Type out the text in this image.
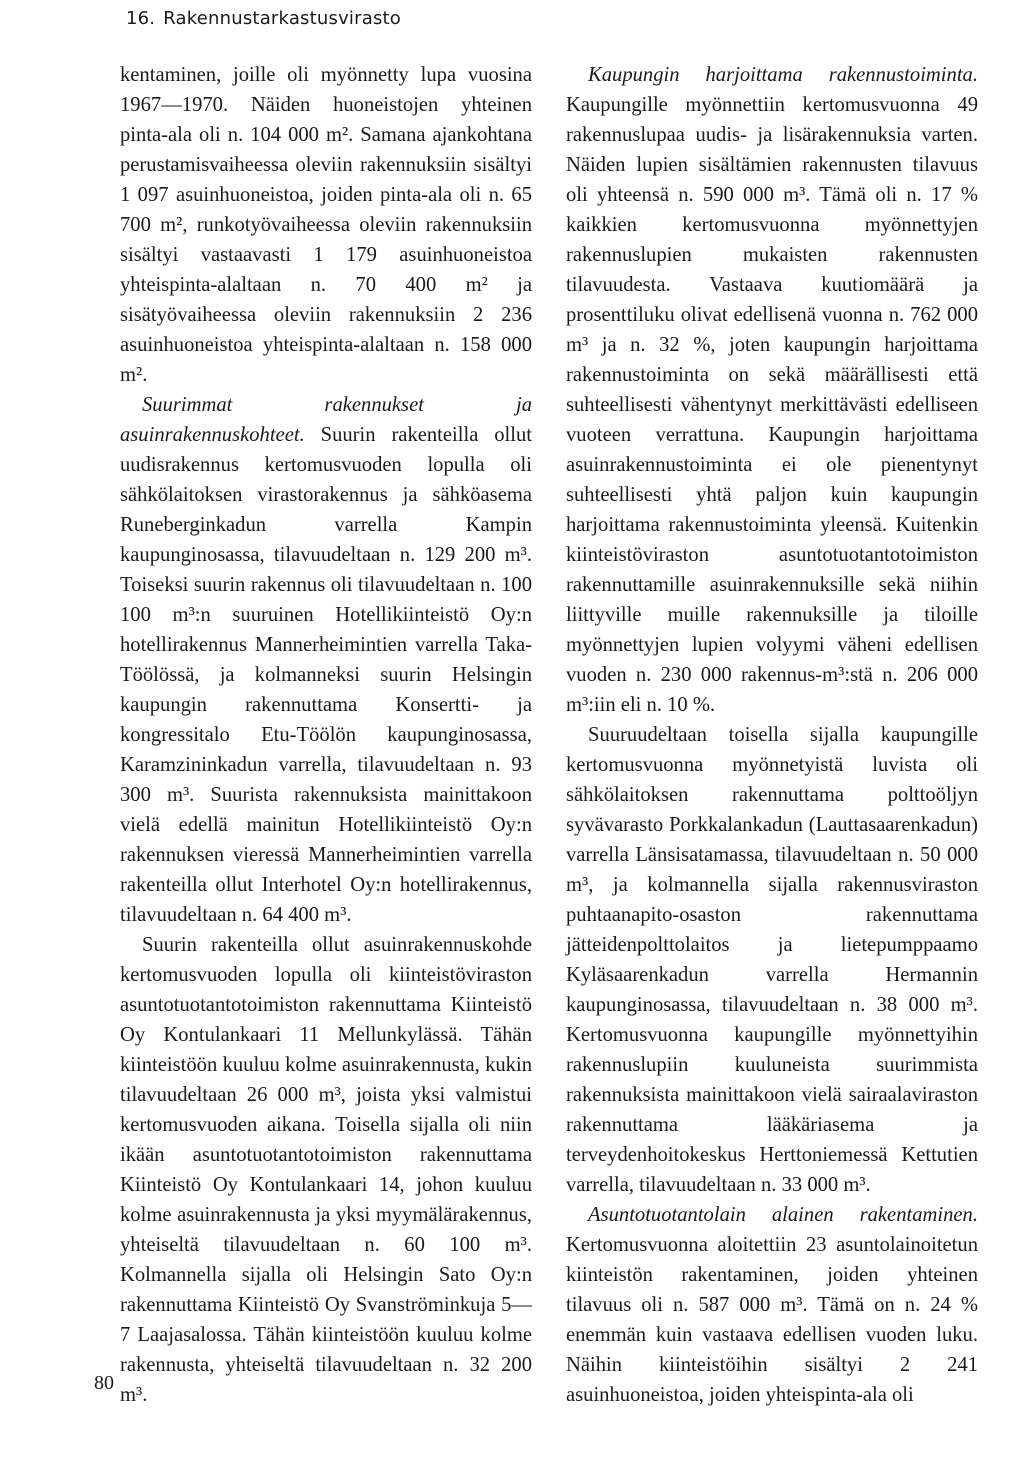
16. Rakennustarkastusvirasto

kentaminen, joille oli myönnetty lupa vuosina 1967—1970. Näiden huoneistojen yhteinen pinta-ala oli n. 104 000 m². Samana ajankohtana perustamisvaiheessa oleviin rakennuksiin sisältyi 1 097 asuinhuoneistoa, joiden pinta-ala oli n. 65 700 m², runkotyövaiheessa oleviin rakennuksiin sisältyi vastaavasti 1 179 asuinhuoneistoa yhteispinta-alaltaan n. 70 400 m² ja sisätyövaiheessa oleviin rakennuksiin 2 236 asuinhuoneistoa yhteispinta-alaltaan n. 158 000 m².

Suurimmat rakennukset ja asuinrakennuskohteet. Suurin rakenteilla ollut uudisrakennus kertomusvuoden lopulla oli sähkölaitoksen virastorakennus ja sähköasema Runeberginkadun varrella Kampin kaupunginosassa, tilavuudeltaan n. 129 200 m³. Toiseksi suurin rakennus oli tilavuudeltaan n. 100 100 m³:n suuruinen Hotellikiinteistö Oy:n hotellirakennus Mannerheimintien varrella Taka-Töölössä, ja kolmanneksi suurin Helsingin kaupungin rakennuttama Konsertti- ja kongressitalo Etu-Töölön kaupunginosassa, Karamzininkadun varrella, tilavuudeltaan n. 93 300 m³. Suurista rakennuksista mainittakoon vielä edellä mainitun Hotellikiinteistö Oy:n rakennuksen vieressä Mannerheimintien varrella rakenteilla ollut Interhotel Oy:n hotellirakennus, tilavuudeltaan n. 64 400 m³.

Suurin rakenteilla ollut asuinrakennuskohde kertomusvuoden lopulla oli kiinteistöviraston asuntotuotantotoimiston rakennuttama Kiinteistö Oy Kontulankaari 11 Mellunkylässä. Tähän kiinteistöön kuuluu kolme asuinrakennusta, kukin tilavuudeltaan 26 000 m³, joista yksi valmistui kertomusvuoden aikana. Toisella sijalla oli niin ikään asuntotuotantotoimiston rakennuttama Kiinteistö Oy Kontulankaari 14, johon kuuluu kolme asuinrakennusta ja yksi myymälärakennus, yhteiseltä tilavuudeltaan n. 60 100 m³. Kolmannella sijalla oli Helsingin Sato Oy:n rakennuttama Kiinteistö Oy Svanströminkuja 5—7 Laajasalossa. Tähän kiinteistöön kuuluu kolme rakennusta, yhteiseltä tilavuudeltaan n. 32 200 m³.

Kaupungin harjoittama rakennustoiminta. Kaupungille myönnettiin kertomusvuonna 49 rakennuslupaa uudis- ja lisärakennuksia varten. Näiden lupien sisältämien rakennusten tilavuus oli yhteensä n. 590 000 m³. Tämä oli n. 17 % kaikkien kertomusvuonna myönnettyjen rakennuslupien mukaisten rakennusten tilavuudesta. Vastaava kuutiomäärä ja prosenttiluku olivat edellisenä vuonna n. 762 000 m³ ja n. 32 %, joten kaupungin harjoittama rakennustoiminta on sekä määrällisesti että suhteellisesti vähentynyt merkittävästi edelliseen vuoteen verrattuna. Kaupungin harjoittama asuinrakennustoiminta ei ole pienentynyt suhteellisesti yhtä paljon kuin kaupungin harjoittama rakennustoiminta yleensä. Kuitenkin kiinteistöviraston asuntotuotantotoimiston rakennuttamille asuinrakennuksille sekä niihin liittyville muille rakennuksille ja tiloille myönnettyjen lupien volyymi väheni edellisen vuoden n. 230 000 rakennus-m³:stä n. 206 000 m³:iin eli n. 10 %.

Suuruudeltaan toisella sijalla kaupungille kertomusvuonna myönnetyistä luvista oli sähkölaitoksen rakennuttama polttoöljyn syvävarasto Porkkalankadun (Lauttasaarenkadun) varrella Länsisatamassa, tilavuudeltaan n. 50 000 m³, ja kolmannella sijalla rakennusviraston puhtaanapito-osaston rakennuttama jätteidenpolttolaitos ja lietepumppaamo Kyläsaarenkadun varrella Hermannin kaupunginosassa, tilavuudeltaan n. 38 000 m³. Kertomusvuonna kaupungille myönnettyihin rakennuslupiin kuuluneista suurimmista rakennuksista mainittakoon vielä sairaalaviraston rakennuttama lääkäriasema ja terveydenhoitokeskus Herttoniemessä Kettutien varrella, tilavuudeltaan n. 33 000 m³.

Asuntotuotantolain alainen rakentaminen. Kertomusvuonna aloitettiin 23 asuntolainoitetun kiinteistön rakentaminen, joiden yhteinen tilavuus oli n. 587 000 m³. Tämä on n. 24 % enemmän kuin vastaava edellisen vuoden luku. Näihin kiinteistöihin sisältyi 2 241 asuinhuoneistoa, joiden yhteispinta-ala oli

80
